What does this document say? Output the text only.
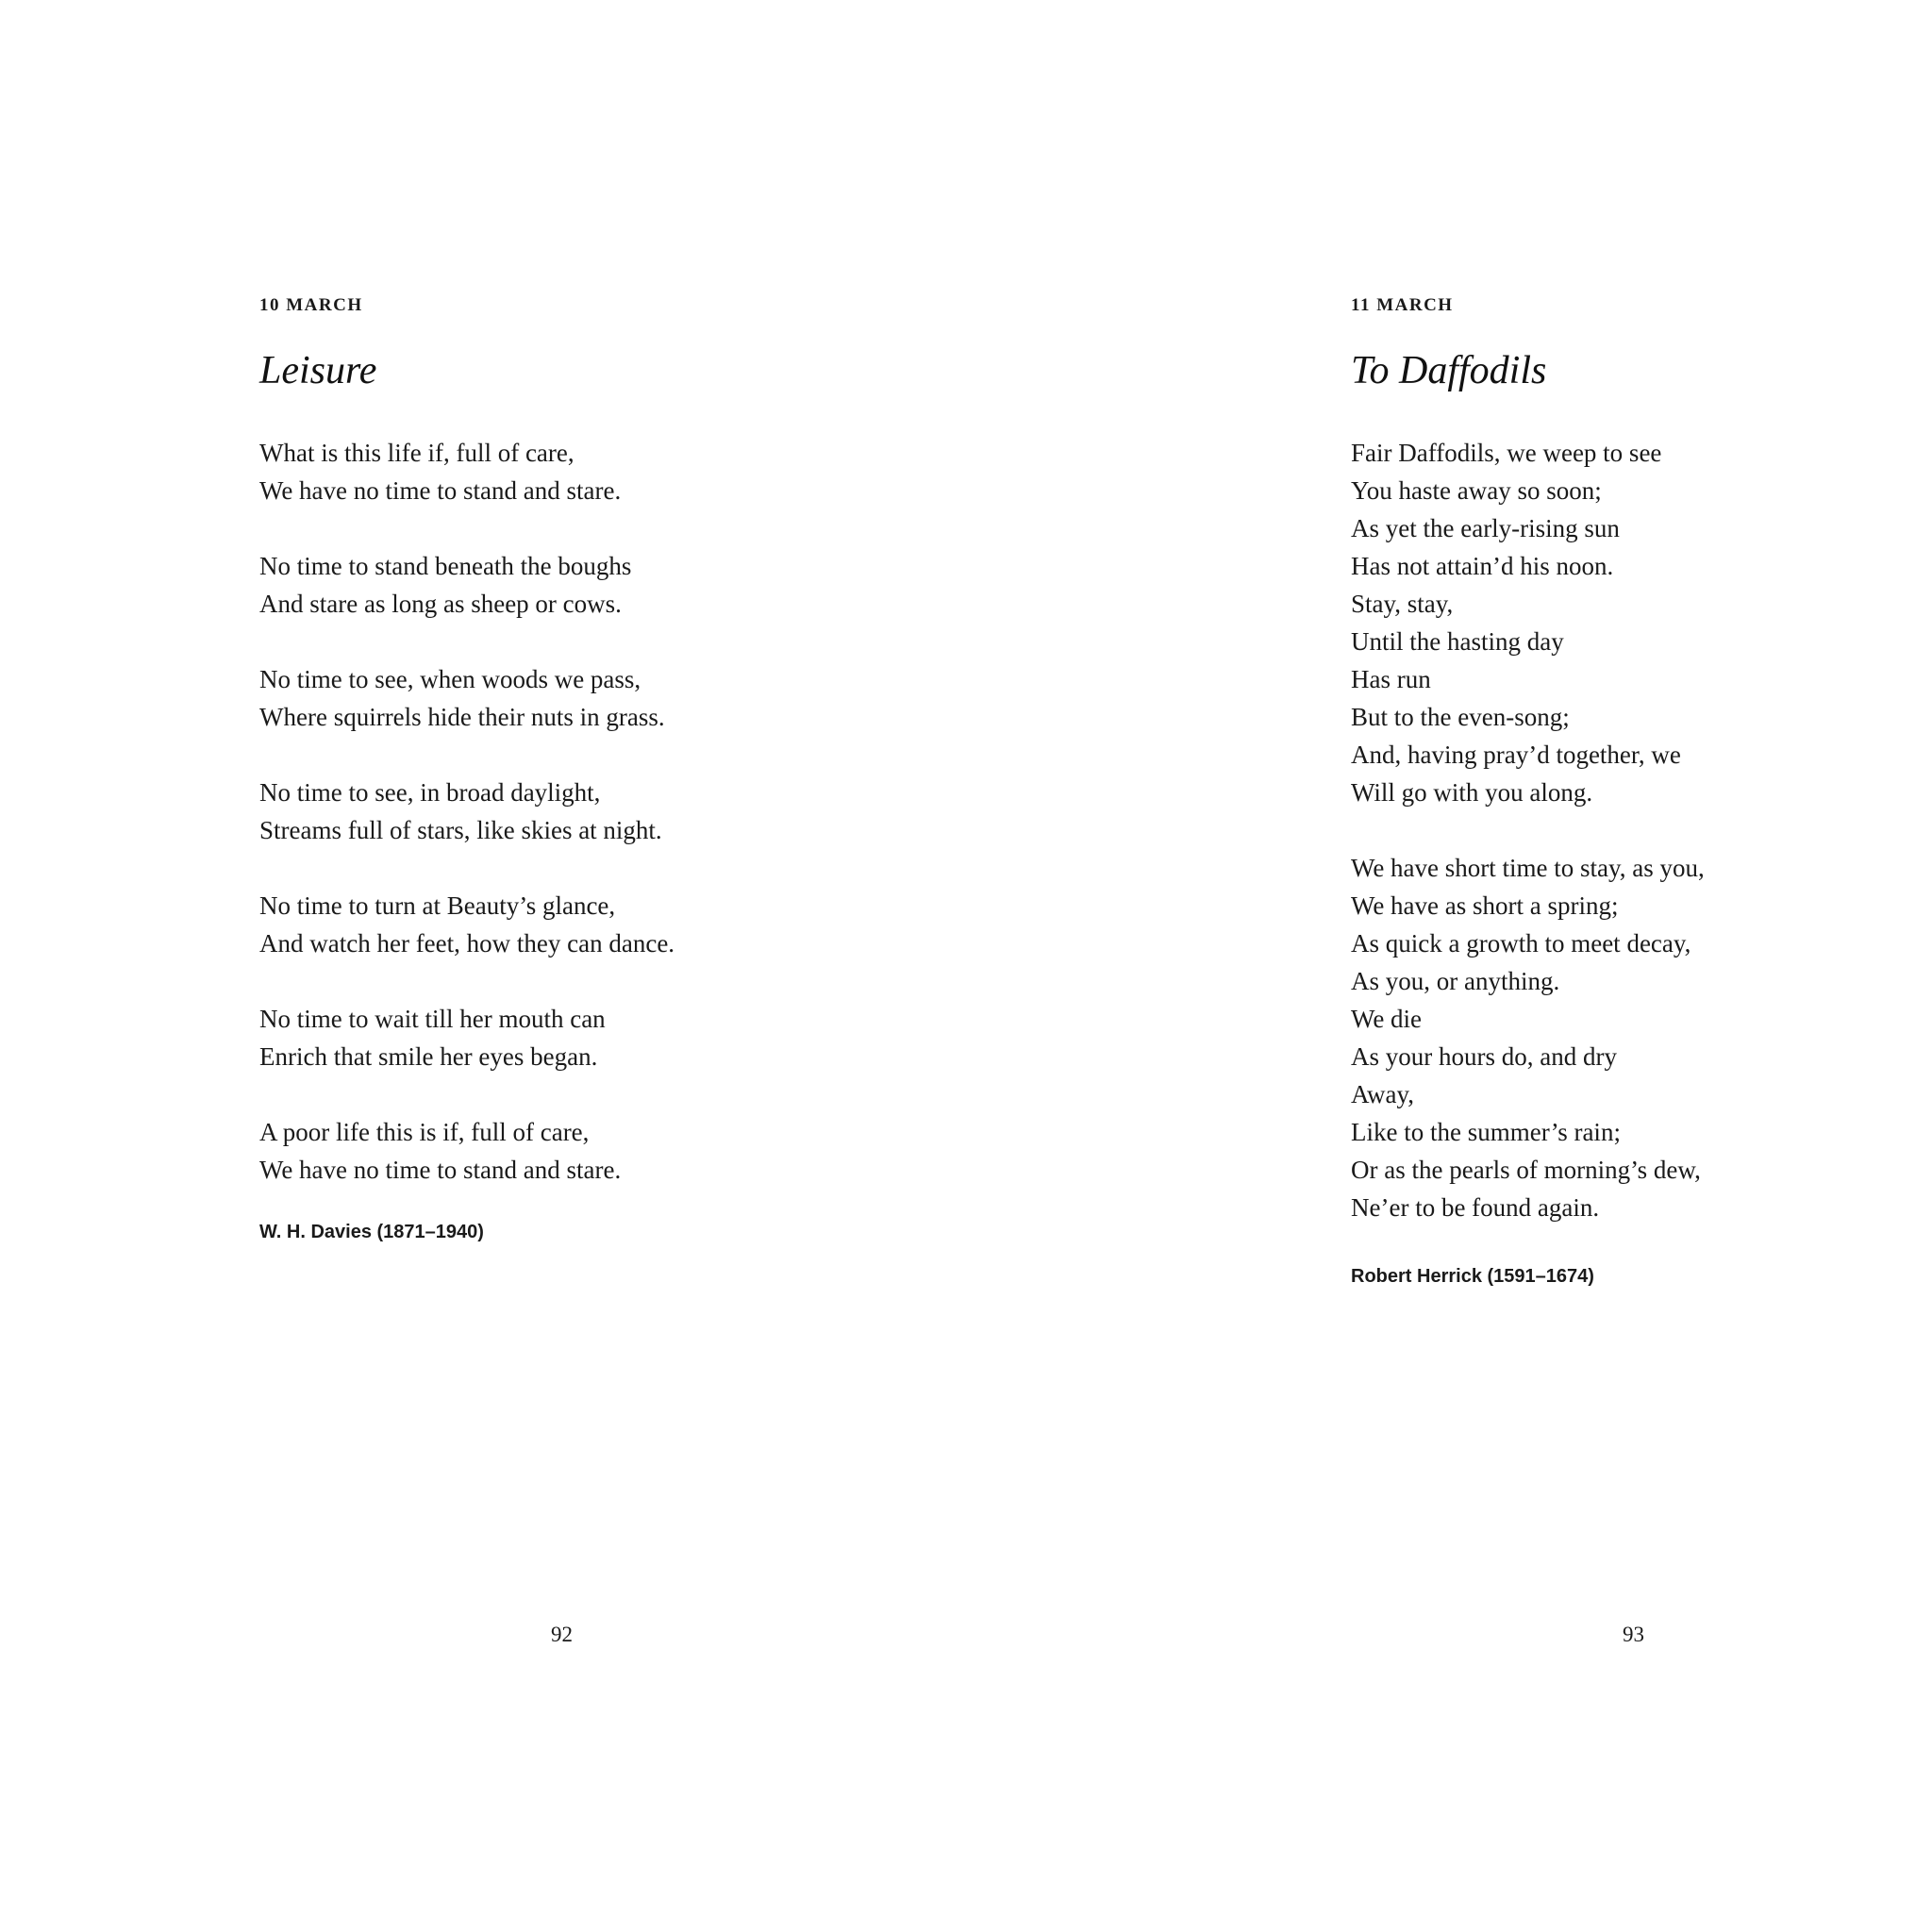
10 MARCH
Leisure
What is this life if, full of care,
We have no time to stand and stare.
No time to stand beneath the boughs
And stare as long as sheep or cows.
No time to see, when woods we pass,
Where squirrels hide their nuts in grass.
No time to see, in broad daylight,
Streams full of stars, like skies at night.
No time to turn at Beauty’s glance,
And watch her feet, how they can dance.
No time to wait till her mouth can
Enrich that smile her eyes began.
A poor life this is if, full of care,
We have no time to stand and stare.
W. H. Davies (1871–1940)
92
11 MARCH
To Daffodils
Fair Daffodils, we weep to see
You haste away so soon;
As yet the early-rising sun
Has not attain’d his noon.
Stay, stay,
Until the hasting day
Has run
But to the even-song;
And, having pray’d together, we
Will go with you along.
We have short time to stay, as you,
We have as short a spring;
As quick a growth to meet decay,
As you, or anything.
We die
As your hours do, and dry
Away,
Like to the summer’s rain;
Or as the pearls of morning’s dew,
Ne’er to be found again.
Robert Herrick (1591–1674)
93
